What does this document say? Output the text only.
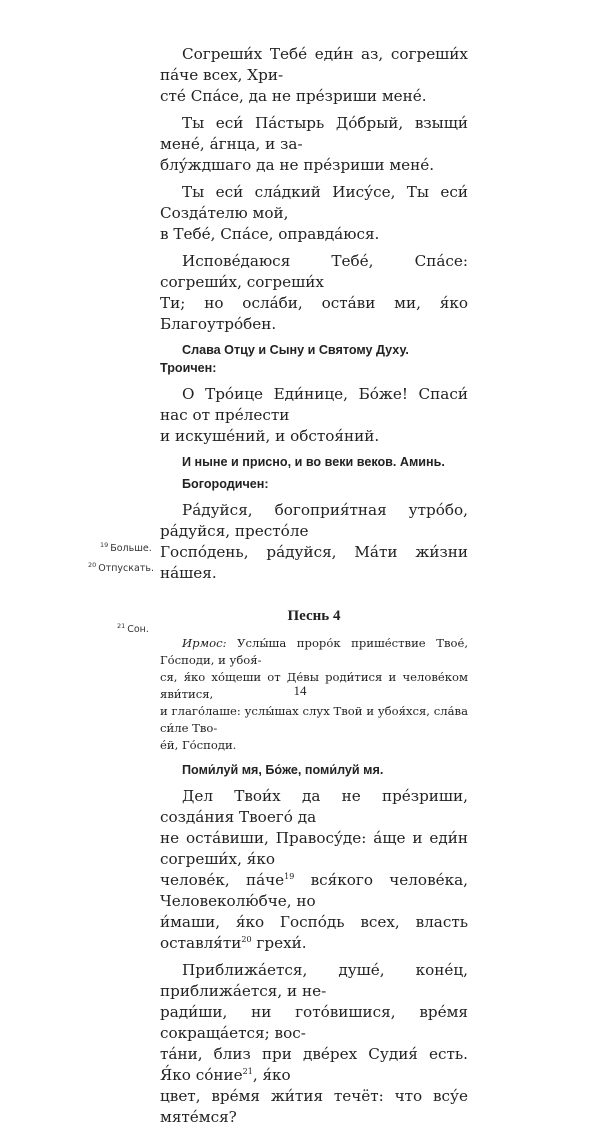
Согреши́х Тебе́ еди́н аз, согреши́х па́че всех, Хри-
сте́ Спа́се, да не пре́зриши мене́.
Ты еси́ Па́стырь До́брый, взыщи́ мене́, а́гнца, и за-
блу́ждшаго да не пре́зриши мене́.
Ты еси́ сла́дкий Иису́се, Ты еси́ Созда́телю мой,
в Тебе́, Спа́се, оправда́юся.
Испове́даюся Тебе́, Спа́се: согреши́х, согреши́х
Ти; но осла́би, оста́ви ми, я́ко Благоутро́бен.
Слава Отцу и Сыну и Святому Духу. Троичен:
О Тро́ице Еди́нице, Бо́же! Спаси́ нас от пре́лести
и искуше́ний, и обстоя́ний.
И ныне и присно, и во веки веков. Аминь.
Богородичен:
Ра́дуйся, богоприя́тная утро́бо, ра́дуйся, престо́ле
Госпо́день, ра́дуйся, Ма́ти жи́зни на́шея.
Песнь 4
Ирмос: Услы́ша проро́к прише́ствие Твое́, Го́споди, и убоя́-
ся, я́ко хо́щеши от Де́вы роди́тися и челове́ком яви́тися,
и глаго́лаше: услы́шах слух Твой и убоя́хся, сла́ва си́ле Тво-
е́й, Го́споди.
Поми́луй мя, Бо́же, поми́луй мя.
Дел Твои́х да не пре́зриши, созда́ния Твоего́ да
не оста́виши, Правосу́де: а́ще и еди́н согреши́х, я́ко
челове́к, $па́че^{19}$ вся́кого челове́ка, Человеколю́бче, но
и́маши, я́ко Госпо́дь всех, власть $оставля́ти^{20}$ грехи́.
Приближа́ется, душе́, коне́ц, приближа́ется, и не-
ради́ши, ни гото́вишися, вре́мя сокраща́ется; вос-
та́ни, близ при две́рех Судия́ есть. Я́ко со́ние$^{21}$, я́ко
цвет, вре́мя жи́тия течёт: что всу́е мяте́мся?
$^{19}$  Больше.
$^{20}$  Отпускать.
$^{21}$  Сон.
14
